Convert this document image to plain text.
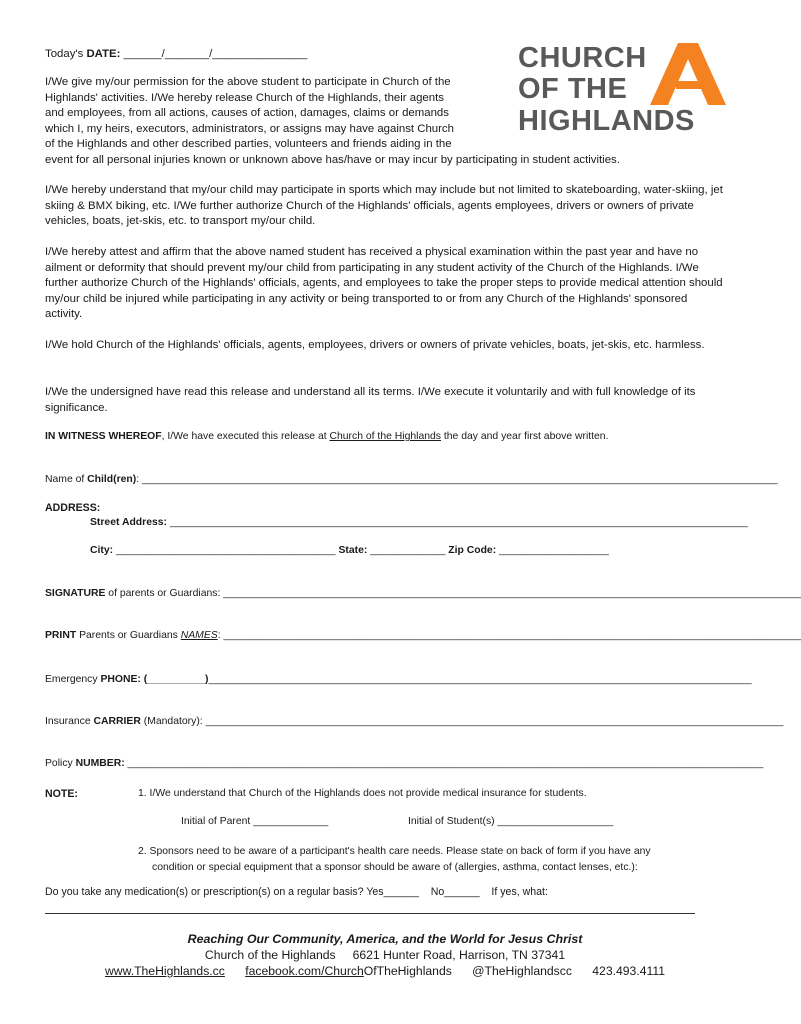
Today's DATE: ______/_______/_______________	CHURCH
OF THE
HIGHLANDS
I/We give my/our permission for the above student to participate in Church of the
Highlands' activities. I/We hereby release Church of the Highlands, their agents
and employees, from all actions, causes of action, damages, claims or demands
which I, my heirs, executors, administrators, or assigns may have against Church
of the Highlands and other described parties, volunteers and friends aiding in the
event for all personal injuries known or unknown above has/have or may incur by participating in student activities.
I/We hereby understand that my/our child may participate in sports which may include but not limited to skateboarding, water-skiing, jet skiing & BMX biking, etc. I/We further authorize Church of the Highlands' officials, agents employees, drivers or owners of private vehicles, boats, jet-skis, etc. to transport my/our child.
I/We hereby attest and affirm that the above named student has received a physical examination within the past year and have no ailment or deformity that should prevent my/our child from participating in any student activity of the Church of the Highlands. I/We further authorize Church of the Highlands' officials, agents, and employees to take the proper steps to provide medical attention should my/our child be injured while participating in any activity or being transported to or from any Church of the Highlands' sponsored activity.
I/We hold Church of the Highlands' officials, agents, employees, drivers or owners of private vehicles, boats, jet-skis, etc. harmless.
I/We the undersigned have read this release and understand all its terms. I/We execute it voluntarily and with full knowledge of its significance.
IN WITNESS WHEREOF, I/We have executed this release at Church of the Highlands the day and year first above written.
Name of Child(ren): ______________________________________________________________________________________________________________
ADDRESS:
Street Address: ____________________________________________________________________________________________________
City: ______________________________________ State: _____________ Zip Code: ___________________
SIGNATURE of parents or Guardians: ____________________________________________________________________________________________________
PRINT Parents or Guardians NAMES: ____________________________________________________________________________________________________
Emergency PHONE: (__________)______________________________________________________________________________________________
Insurance CARRIER (Mandatory): ____________________________________________________________________________________________________
Policy NUMBER: ______________________________________________________________________________________________________________
NOTE:	1. I/We understand that Church of the Highlands does not provide medical insurance for students.
Initial of Parent _____________	Initial of Student(s) ____________________
2. Sponsors need to be aware of a participant's health care needs. Please state on back of form if you have any
condition or special equipment that a sponsor should be aware of (allergies, asthma, contact lenses, etc.):
Do you take any medication(s) or prescription(s) on a regular basis? Yes______ No______ If yes, what:
Reaching Our Community, America, and the World for Jesus Christ
Church of the Highlands 6621 Hunter Road, Harrison, TN 37341
www.TheHighlands.cc facebook.com/ChurchOfTheHighlands @TheHighlandscc 423.493.4111
